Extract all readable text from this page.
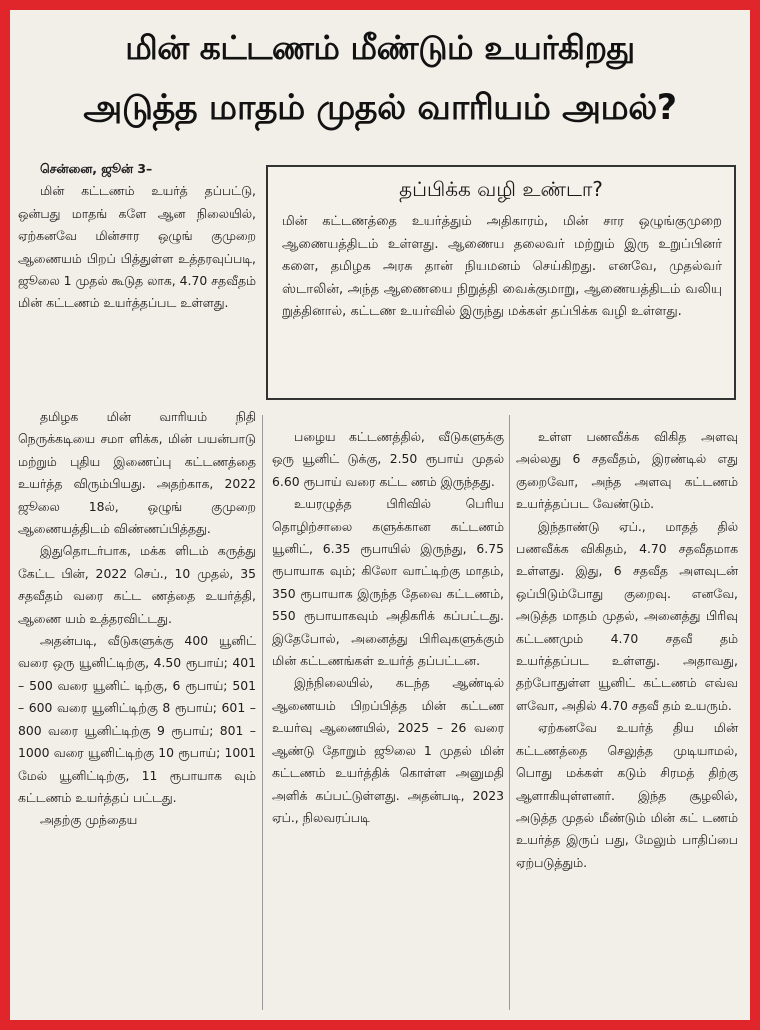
மின் கட்டணம் மீண்டும் உயர்கிறது
அடுத்த மாதம் முதல் வாரியம் அமல்?
தப்பிக்க வழி உண்டா?

மின் கட்டணத்தை உயர்த்தும் அதிகாரம், மின் சார ஒழுங்குமுறை ஆணையத்திடம் உள்ளது. ஆணைய தலைவர் மற்றும் இரு உறுப்பினர் களை, தமிழக அரசு தான் நியமனம் செய்கிறது. எனவே, முதல்வர் ஸ்டாலின், அந்த ஆணையை நிறுத்தி வைக்குமாறு, ஆணையத்திடம் வலியு றுத்தினால், கட்டண உயர்வில் இருந்து மக்கள் தப்பிக்க வழி உள்ளது.

சென்னை, ஜூன் 3–

மின் கட்டணம் உயர்த் தப்பட்டு, ஒன்பது மாதங் களே ஆன நிலையில், ஏற்கனவே மின்சார ஒழுங் குமுறை ஆணையம் பிறப் பித்துள்ள உத்தரவுப்படி, ஜூலை 1 முதல் கூடுத லாக, 4.70 சதவீதம் மின் கட்டணம் உயர்த்தப்பட உள்ளது.

தமிழக மின் வாரியம் நிதி நெருக்கடியை சமா ளிக்க, மின் பயன்பாடு மற்றும் புதிய இணைப்பு கட்டணத்தை உயர்த்த விரும்பியது. அதற்காக, 2022 ஜூலை 18ல், ஒழுங் குமுறை ஆணையத்திடம் விண்ணப்பித்தது.

இதுதொடர்பாக, மக்க ளிடம் கருத்து கேட்ட பின், 2022 செப்., 10 முதல், 35 சதவீதம் வரை கட்ட ணத்தை உயர்த்தி, ஆணை யம் உத்தரவிட்டது.

அதன்படி, வீடுகளுக்கு 400 யூனிட் வரை ஒரு யூனிட்டிற்கு, 4.50 ரூபாய்; 401 – 500 வரை யூனிட் டிற்கு, 6 ரூபாய்; 501 – 600 வரை யூனிட்டிற்கு 8 ரூபாய்; 601 – 800 வரை யூனிட்டிற்கு 9 ரூபாய்; 801 – 1000 வரை யூனிட்டிற்கு 10 ரூபாய்; 1001 மேல் யூனிட்டிற்கு, 11 ரூபாயாக வும் கட்டணம் உயர்த்தப் பட்டது.

அதற்கு முந்தைய

பழைய கட்டணத்தில், வீடுகளுக்கு ஒரு யூனிட் டுக்கு, 2.50 ரூபாய் முதல் 6.60 ரூபாய் வரை கட்ட ணம் இருந்தது.

உயரழுத்த பிரிவில் பெரிய தொழிற்சாலை களுக்கான கட்டணம் யூனிட், 6.35 ரூபாயில் இருந்து, 6.75 ரூபாயாக வும்; கிலோ வாட்டிற்கு மாதம், 350 ரூபாயாக இருந்த தேவை கட்டணம், 550 ரூபாயாகவும் அதிகரிக் கப்பட்டது. இதேபோல், அனைத்து பிரிவுகளுக்கும் மின் கட்டணங்கள் உயர்த் தப்பட்டன.

இந்நிலையில், கடந்த ஆண்டில் ஆணையம் பிறப்பித்த மின் கட்டண உயர்வு ஆணையில், 2025 – 26 வரை ஆண்டு தோறும் ஜூலை 1 முதல் மின் கட்டணம் உயர்த்திக் கொள்ள அனுமதி அளிக் கப்பட்டுள்ளது. அதன்படி, 2023 ஏப்., நிலவரப்படி

உள்ள பணவீக்க விகித அளவு அல்லது 6 சதவீதம், இரண்டில் எது குறைவோ, அந்த அளவு கட்டணம் உயர்த்தப்பட வேண்டும்.

இந்தாண்டு ஏப்., மாதத் தில் பணவீக்க விகிதம், 4.70 சதவீதமாக உள்ளது. இது, 6 சதவீத அளவுடன் ஒப்பிடும்போது குறைவு. எனவே, அடுத்த மாதம் முதல், அனைத்து பிரிவு கட்டணமும் 4.70 சதவீ தம் உயர்த்தப்பட உள்ளது. அதாவது, தற்போதுள்ள யூனிட் கட்டணம் எவ்வ ளவோ, அதில் 4.70 சதவீ தம் உயரும்.

ஏற்கனவே உயர்த் திய மின் கட்டணத்தை செலுத்த முடியாமல், பொது மக்கள் கடும் சிரமத் திற்கு ஆளாகியுள்ளனர். இந்த சூழலில், அடுத்த முதல் மீண்டும் மின் கட் டணம் உயர்த்த இருப் பது, மேலும் பாதிப்பை ஏற்படுத்தும்.
